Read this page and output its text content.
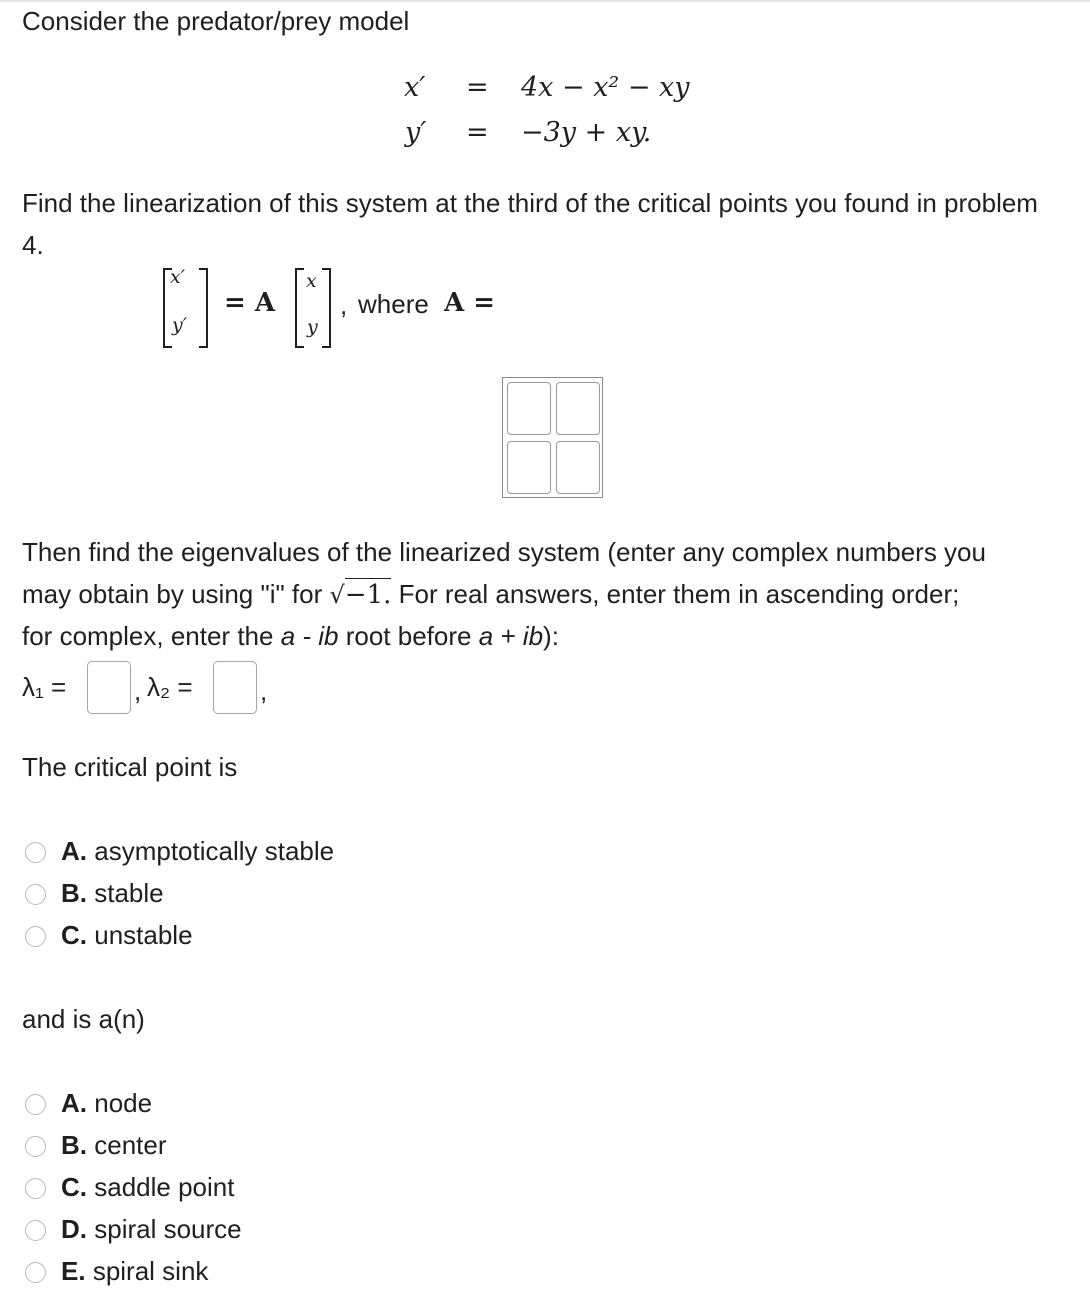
Consider the predator/prey model
x′ = 4x − x² − xy
y′ = −3y + xy.
Find the linearization of this system at the third of the critical points you found in problem 4.
x′
y′
= A
x
y
, where A =
Then find the eigenvalues of the linearized system (enter any complex numbers you
may obtain by using "i" for √−1. For real answers, enter them in ascending order;
for complex, enter the a - ib root before a + ib):
λ₁ =	, λ₂ =	,
The critical point is
A. asymptotically stable
B. stable
C. unstable
and is a(n)
A. node
B. center
C. saddle point
D. spiral source
E. spiral sink
